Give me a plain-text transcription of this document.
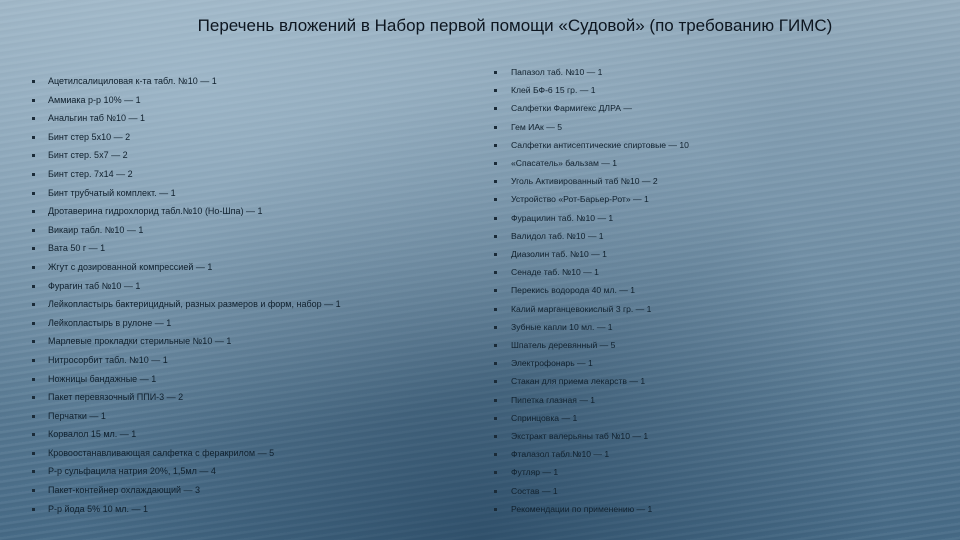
Перечень вложений в Набор первой помощи «Судовой» (по требованию ГИМС)
Ацетилсалициловая к-та табл. №10 — 1
Аммиака р-р 10% — 1
Анальгин таб №10 — 1
Бинт стер 5х10 — 2
Бинт стер. 5х7 — 2
Бинт стер. 7х14 — 2
Бинт трубчатый комплект. — 1
Дротаверина гидрохлорид табл.№10 (Но-Шпа) — 1
Викаир табл. №10 — 1
Вата 50 г — 1
Жгут с дозированной компрессией — 1
Фурагин таб №10 — 1
Лейкопластырь бактерицидный, разных размеров и форм, набор — 1
Лейкопластырь в рулоне — 1
Марлевые прокладки стерильные №10 — 1
Нитросорбит табл. №10 — 1
Ножницы бандажные — 1
Пакет перевязочный ППИ-3 — 2
Перчатки — 1
Корвалол 15 мл. — 1
Кровоостанавливающая салфетка с феракрилом — 5
Р-р сульфацила натрия 20%, 1,5мл — 4
Пакет-контейнер охлаждающий — 3
Р-р йода 5% 10 мл. — 1
Папазол таб. №10 — 1
Клей БФ-6 15 гр. — 1
Салфетки Фармигекс ДЛРА —
Гем ИАк — 5
Салфетки антисептические спиртовые — 10
«Спасатель» бальзам — 1
Уголь Активированный таб №10 — 2
Устройство «Рот-Барьер-Рот» — 1
Фурацилин таб. №10 — 1
Валидол таб. №10 — 1
Диазолин таб. №10 — 1
Сенаде таб. №10 — 1
Перекись водорода 40 мл. — 1
Калий марганцевокислый 3 гр. — 1
Зубные капли 10 мл. — 1
Шпатель деревянный — 5
Электрофонарь — 1
Стакан для приема лекарств — 1
Пипетка глазная — 1
Спринцовка — 1
Экстракт валерьяны таб №10 — 1
Фталазол табл.№10 — 1
Футляр — 1
Состав — 1
Рекомендации по применению — 1
